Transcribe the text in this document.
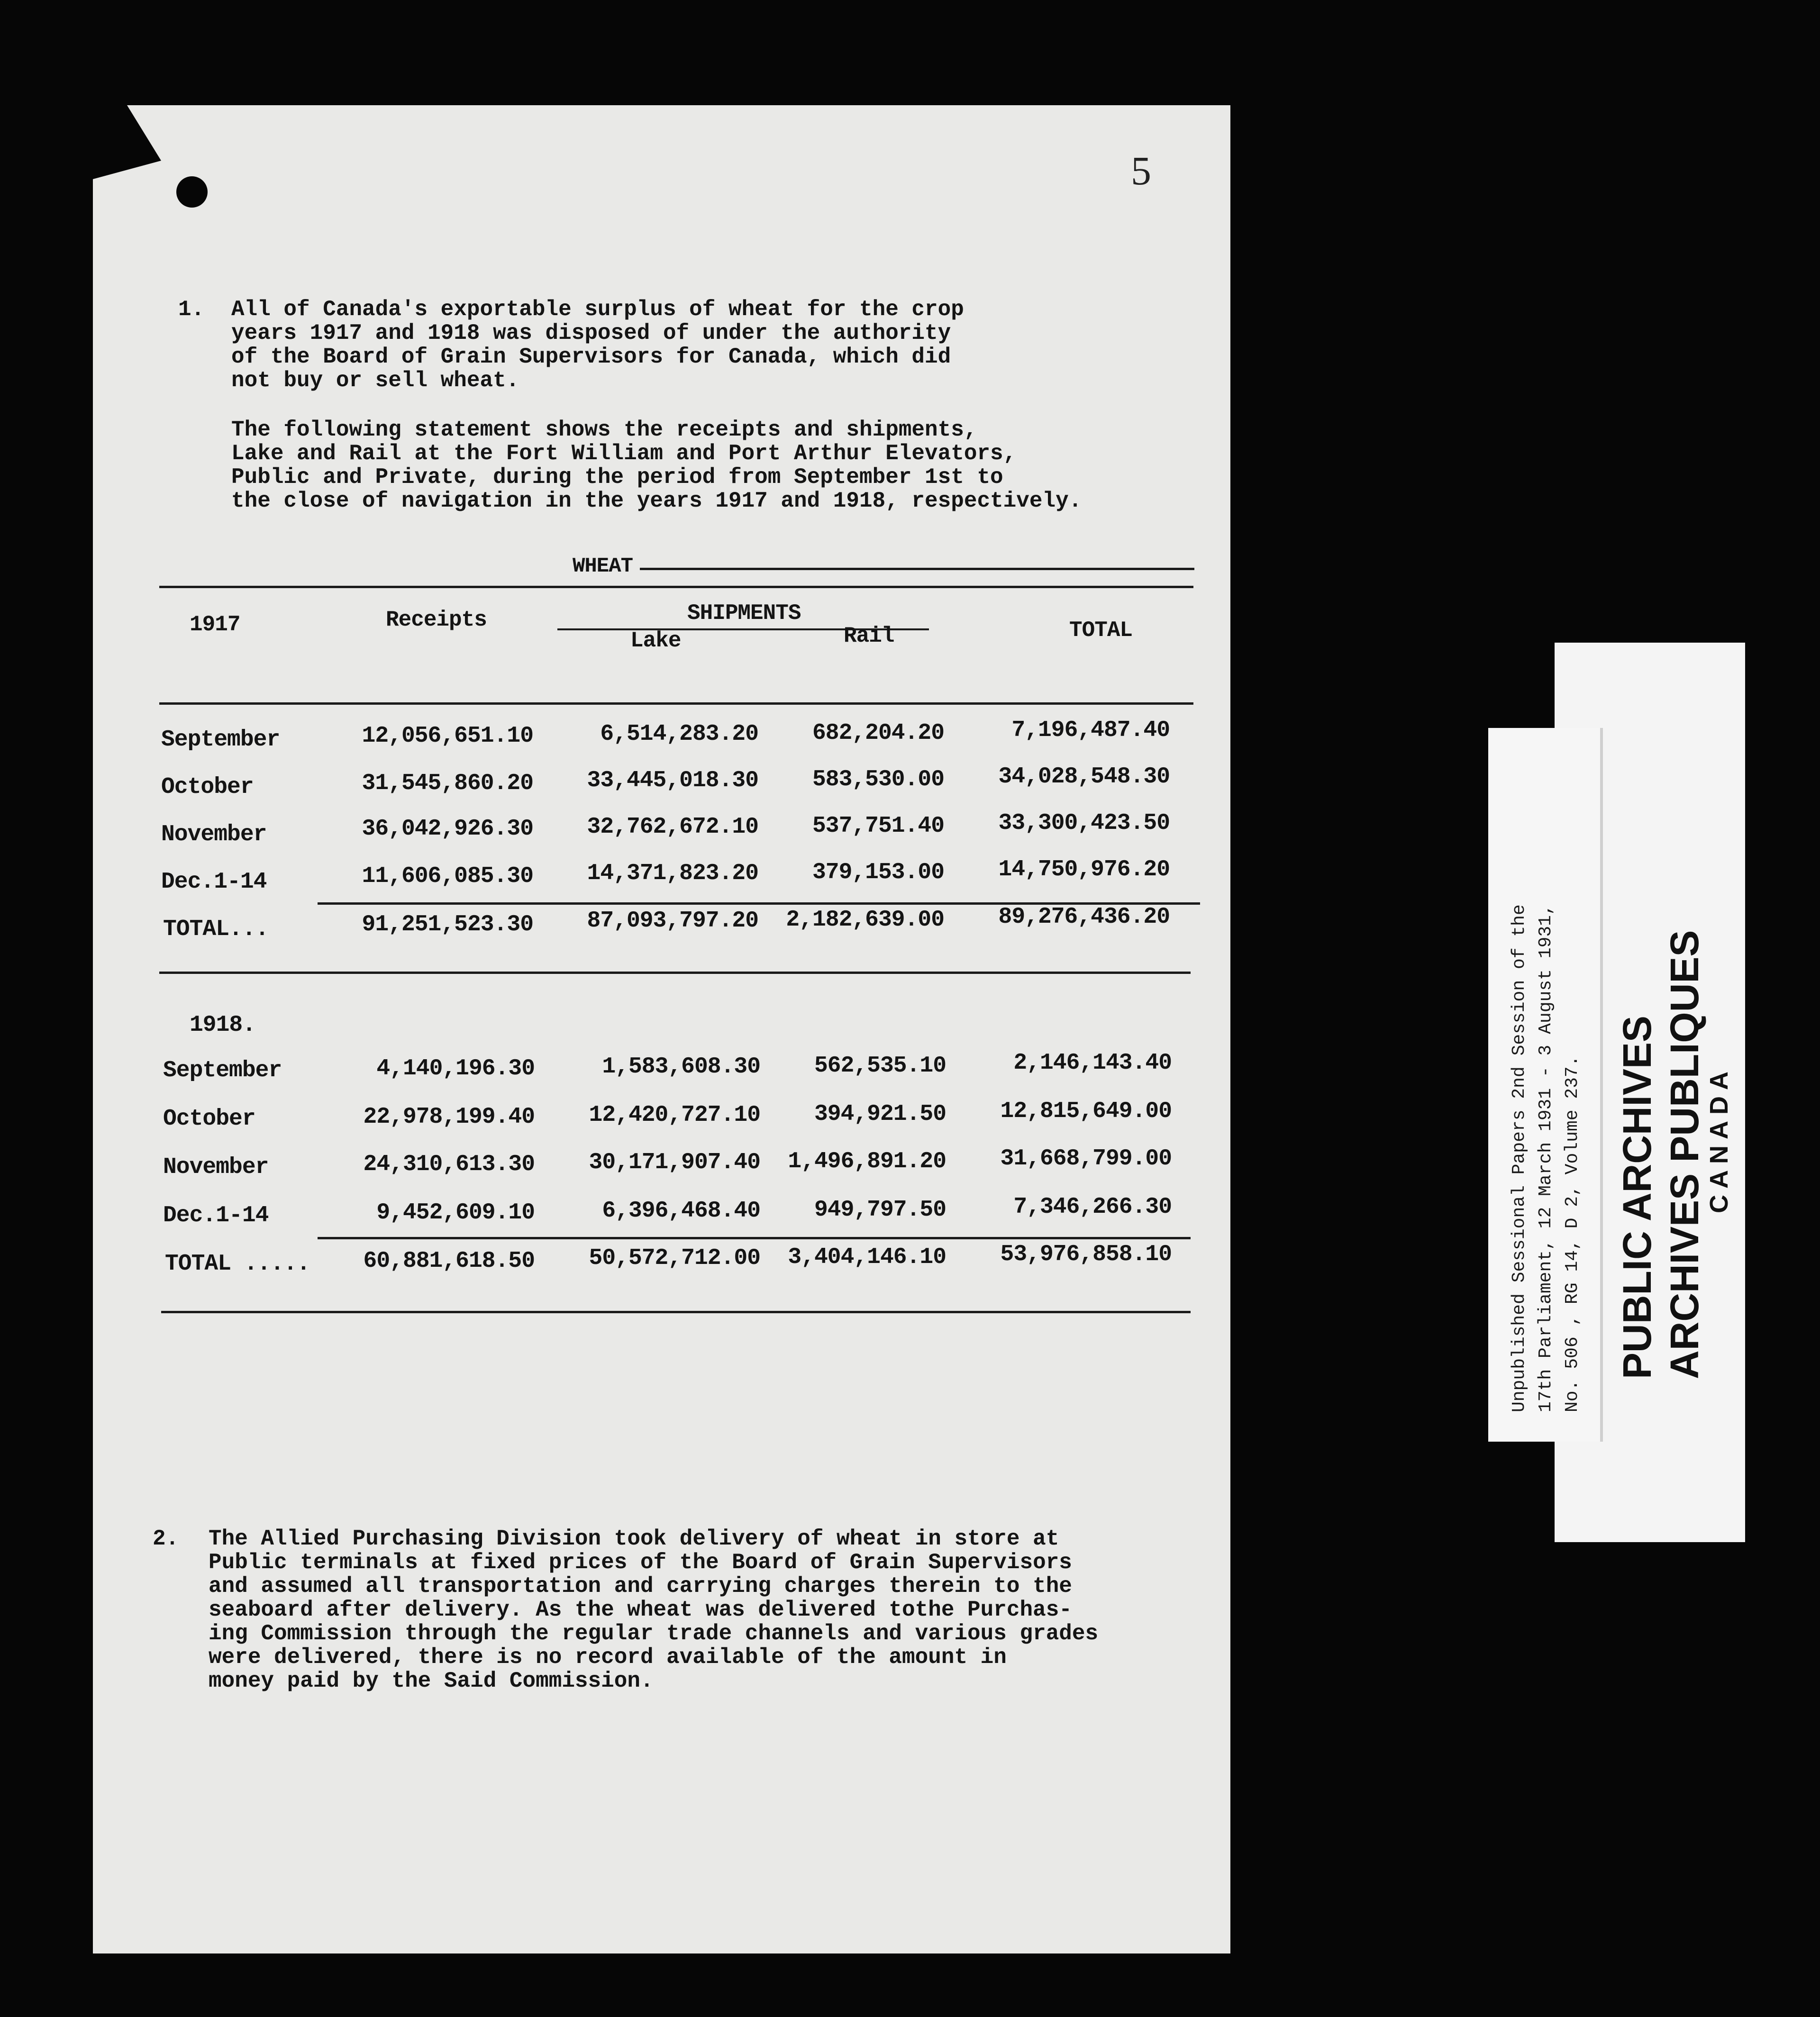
5
1. All of Canada's exportable surplus of wheat for the crop
years 1917 and 1918 was disposed of under the authority
of the Board of Grain Supervisors for Canada, which did
not buy or sell wheat.
The following statement shows the receipts and shipments,
Lake and Rail at the Fort William and Port Arthur Elevators,
Public and Private, during the period from September 1st to
the close of navigation in the years 1917 and 1918, respectively.
WHEAT
1917	Receipts	SHIPMENTS
Lake	Rail	TOTAL
September	12,056,651.10	6,514,283.20 682,204.20	7,196,487.40
October	31,545,860.20 33,445,018.30 583,530.00 34,028,548.30
November	36,042,926.30 32,762,672.10 537,751.40 33,300,423.50
Dec.1-14	11,606,085.30 14,371,823.20 379,153.00 14,750,976.20
TOTAL...	91,251,523.30 87,093,797.20 2,182,639.00 89,276,436.20
1918.
September	4,140,196.30	1,583,608.30 562,535.10	2,146,143.40
October	22,978,199.40 12,420,727.10 394,921.50 12,815,649.00
November	24,310,613.30 30,171,907.40 1,496,891.20 31,668,799.00
Dec.1-14	9,452,609.10	6,396,468.40 949,797.50	7,346,266.30
TOTAL ..... 60,881,618.50 50,572,712.00 3,404,146.10 53,976,858.10
2. The Allied Purchasing Division took delivery of wheat in store at
Public terminals at fixed prices of the Board of Grain Supervisors
and assumed all transportation and carrying charges therein to the
seaboard after delivery. As the wheat was delivered tothe Purchas-
ing Commission through the regular trade channels and various grades
were delivered, there is no record available of the amount in
money paid by the Said Commission.
Unpublished Sessional Papers 2nd Session of the 17th Parliament, 12 March 1931 - 3 August 1931, No. 506 , RG 14, D 2, Volume 237. PUBLIC ARCHIVES ARCHIVES PUBLIQUES
C A N A D A
